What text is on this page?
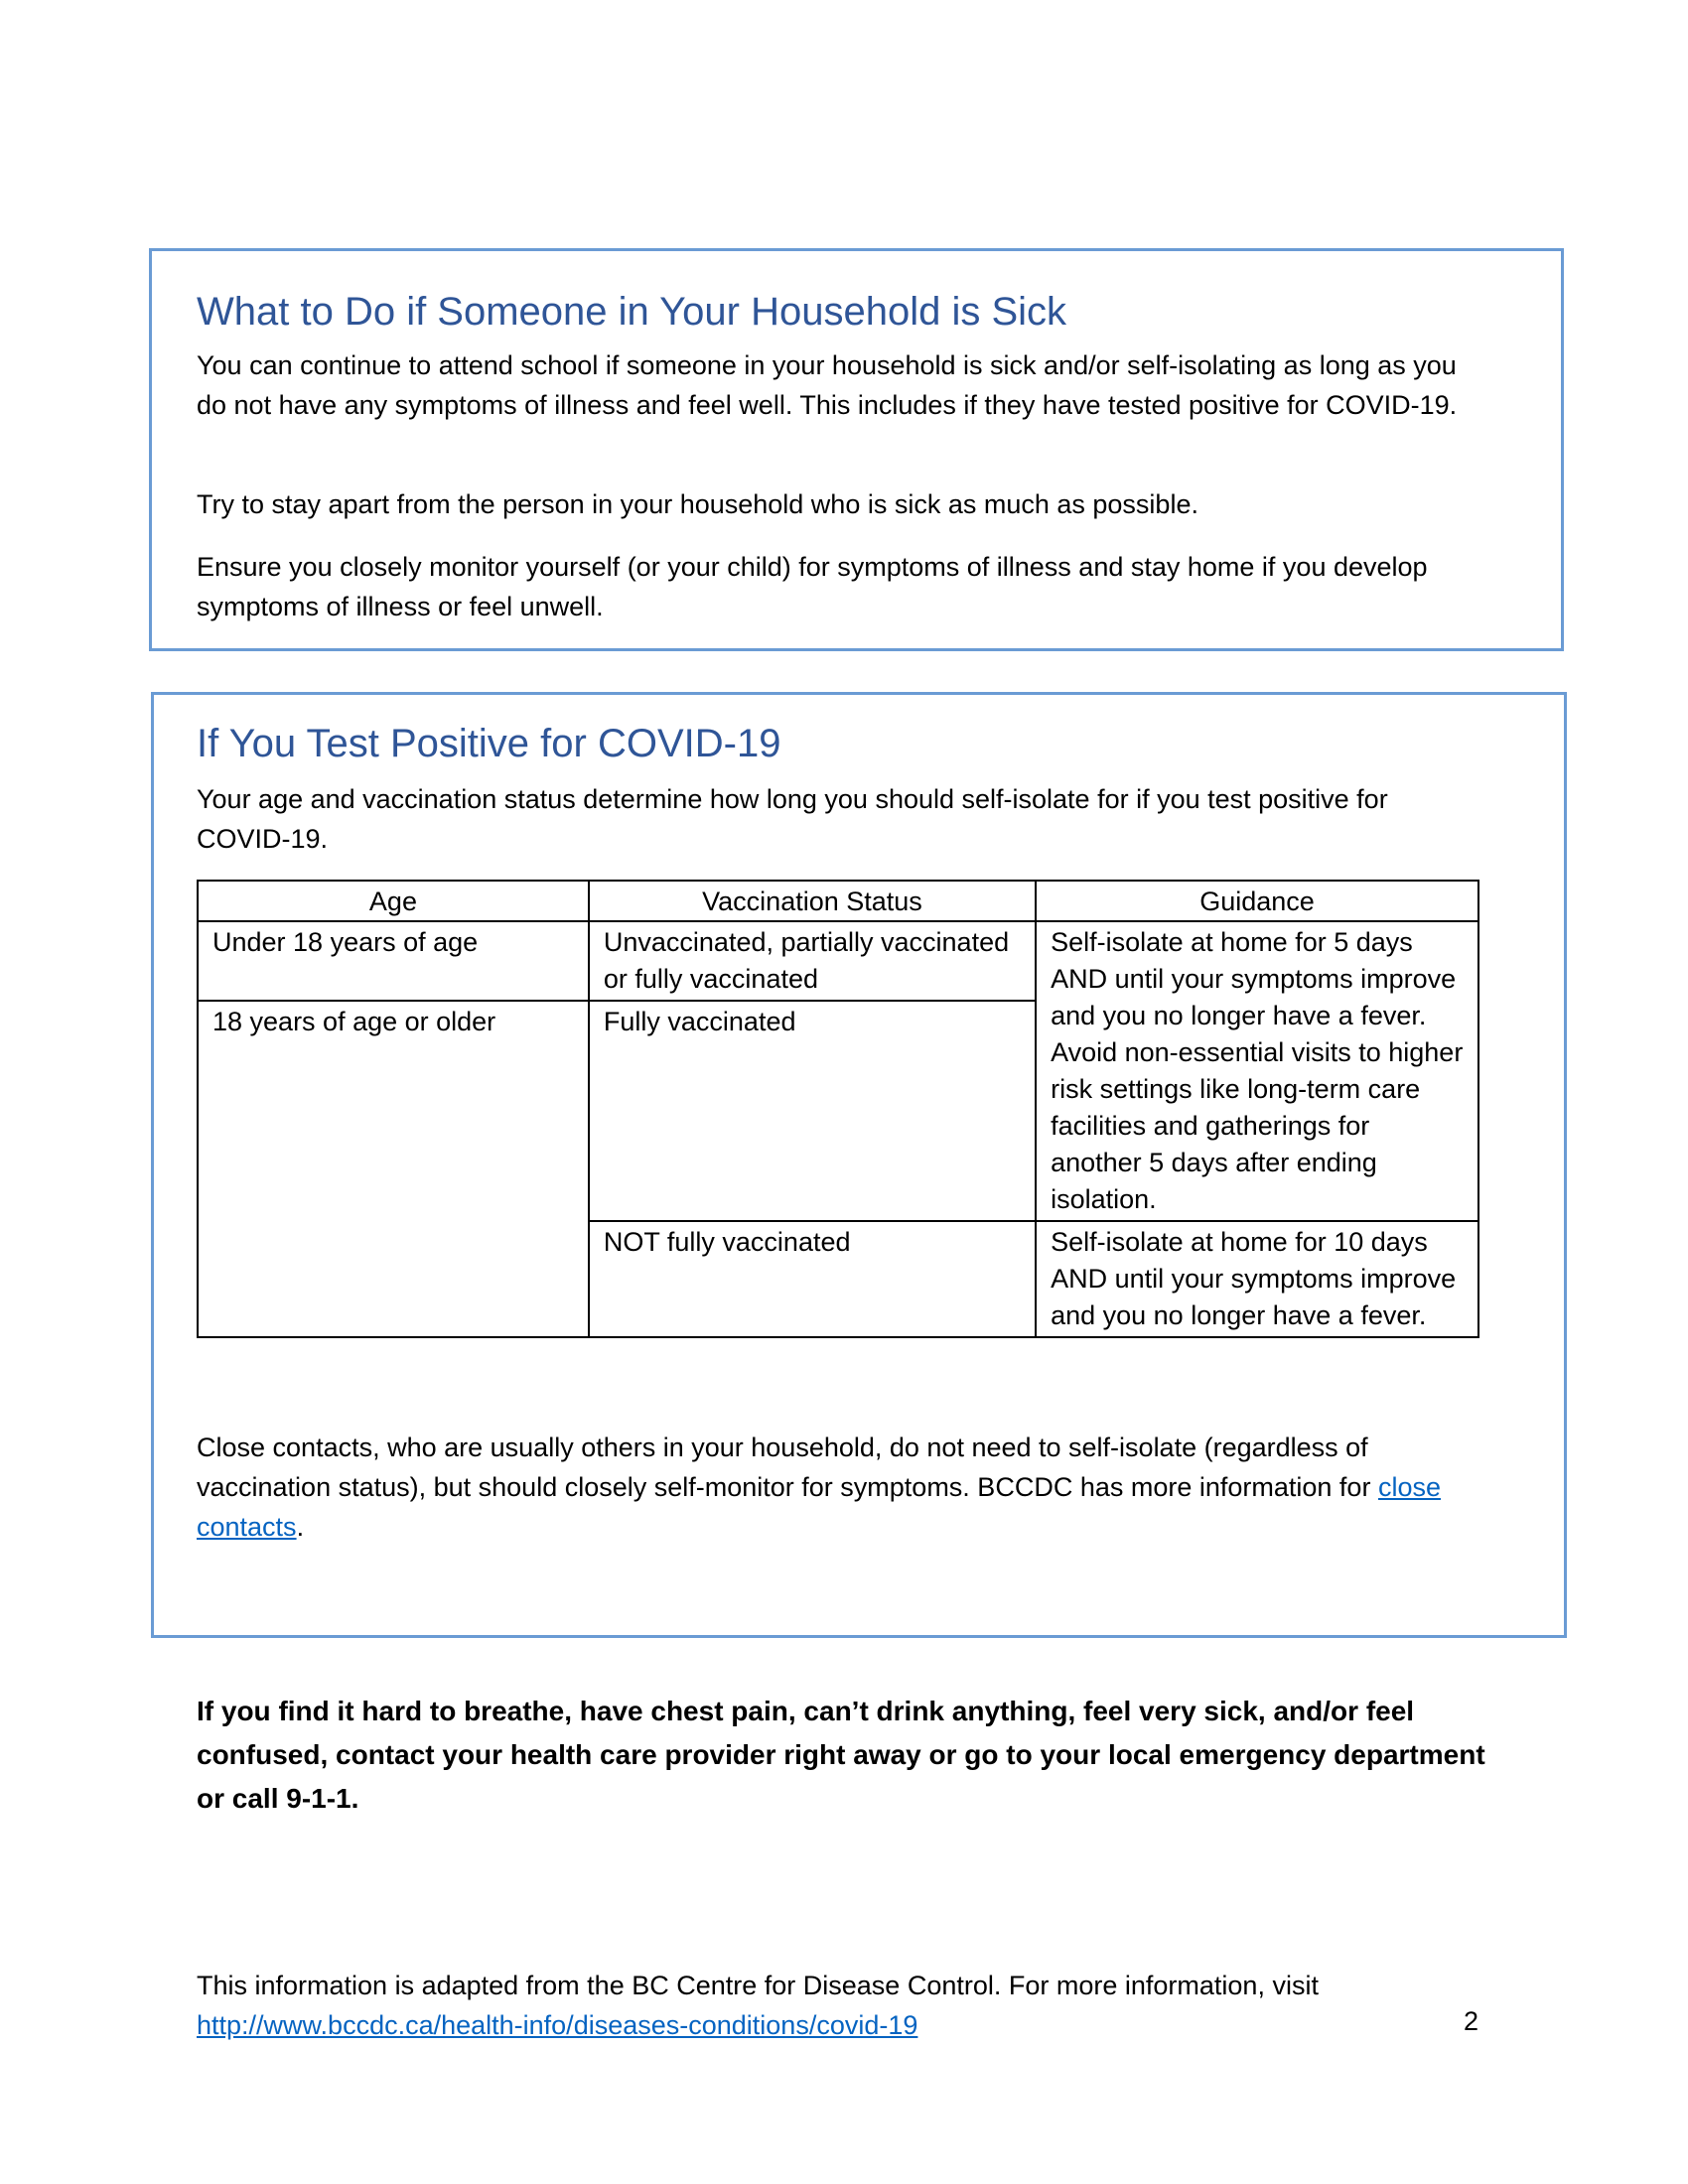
What to Do if Someone in Your Household is Sick

You can continue to attend school if someone in your household is sick and/or self-isolating as long as you do not have any symptoms of illness and feel well. This includes if they have tested positive for COVID-19.

Try to stay apart from the person in your household who is sick as much as possible.

Ensure you closely monitor yourself (or your child) for symptoms of illness and stay home if you develop symptoms of illness or feel unwell.

If You Test Positive for COVID-19

Your age and vaccination status determine how long you should self-isolate for if you test positive for COVID-19.

Age	Vaccination Status	Guidance
Under 18 years of age	Unvaccinated, partially vaccinated or fully vaccinated	Self-isolate at home for 5 days AND until your symptoms improve and you no longer have a fever. Avoid non-essential visits to higher risk settings like long-term care facilities and gatherings for another 5 days after ending isolation.
18 years of age or older	Fully vaccinated	
	NOT fully vaccinated	Self-isolate at home for 10 days AND until your symptoms improve and you no longer have a fever.

Close contacts, who are usually others in your household, do not need to self-isolate (regardless of vaccination status), but should closely self-monitor for symptoms. BCCDC has more information for close contacts.

If you find it hard to breathe, have chest pain, can’t drink anything, feel very sick, and/or feel confused, contact your health care provider right away or go to your local emergency department or call 9-1-1.

This information is adapted from the BC Centre for Disease Control. For more information, visit
http://www.bccdc.ca/health-info/diseases-conditions/covid-19	2
